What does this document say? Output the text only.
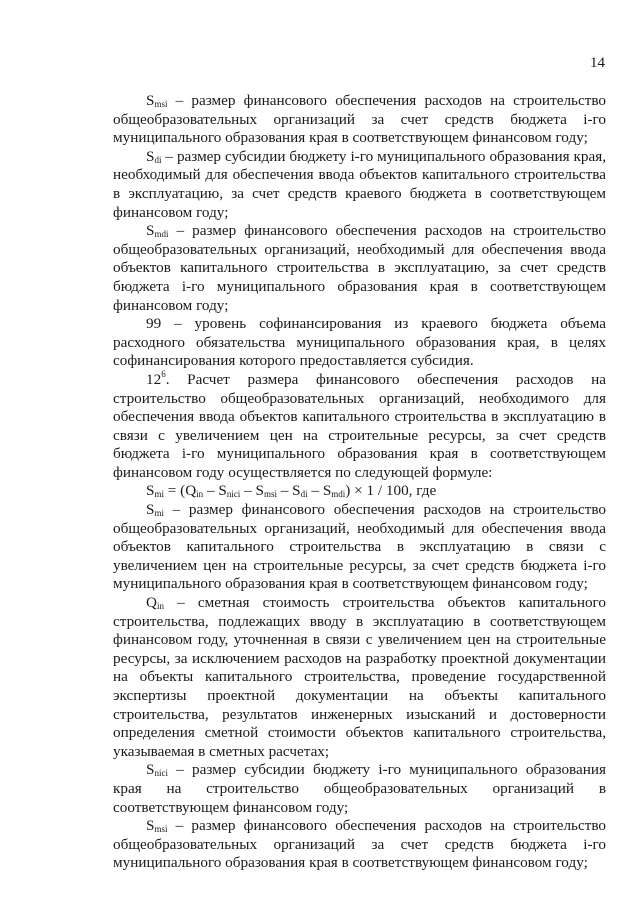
14

$S_{msi}$ – размер финансового обеспечения расходов на строительство общеобразовательных организаций за счет средств бюджета i-го муниципального образования края в соответствующем финансовом году;

$S_{di}$ – размер субсидии бюджету i-го муниципального образования края, необходимый для обеспечения ввода объектов капитального строительства в эксплуатацию, за счет средств краевого бюджета в соответствующем финансовом году;

$S_{mdi}$ – размер финансового обеспечения расходов на строительство общеобразовательных организаций, необходимый для обеспечения ввода объектов капитального строительства в эксплуатацию, за счет средств бюджета i-го муниципального образования края в соответствующем финансовом году;

99 – уровень софинансирования из краевого бюджета объема расходного обязательства муниципального образования края, в целях софинансирования которого предоставляется субсидия.

$12^6$. Расчет размера финансового обеспечения расходов на строительство общеобразовательных организаций, необходимого для обеспечения ввода объектов капитального строительства в эксплуатацию в связи с увеличением цен на строительные ресурсы, за счет средств бюджета i-го муниципального образования края в соответствующем финансовом году осуществляется по следующей формуле:

$S_{mi} = (Q_{in} - S_{nici} - S_{msi} - S_{di} - S_{mdi}) \times 1 / 100$, где

$S_{mi}$ – размер финансового обеспечения расходов на строительство общеобразовательных организаций, необходимый для обеспечения ввода объектов капитального строительства в эксплуатацию в связи с увеличением цен на строительные ресурсы, за счет средств бюджета i-го муниципального образования края в соответствующем финансовом году;

$Q_{in}$ – сметная стоимость строительства объектов капитального строительства, подлежащих вводу в эксплуатацию в соответствующем финансовом году, уточненная в связи с увеличением цен на строительные ресурсы, за исключением расходов на разработку проектной документации на объекты капитального строительства, проведение государственной экспертизы проектной документации на объекты капитального строительства, результатов инженерных изысканий и достоверности определения сметной стоимости объектов капитального строительства, указываемая в сметных расчетах;

$S_{nici}$ – размер субсидии бюджету i-го муниципального образования края на строительство общеобразовательных организаций в соответствующем финансовом году;

$S_{msi}$ – размер финансового обеспечения расходов на строительство общеобразовательных организаций за счет средств бюджета i-го муниципального образования края в соответствующем финансовом году;
